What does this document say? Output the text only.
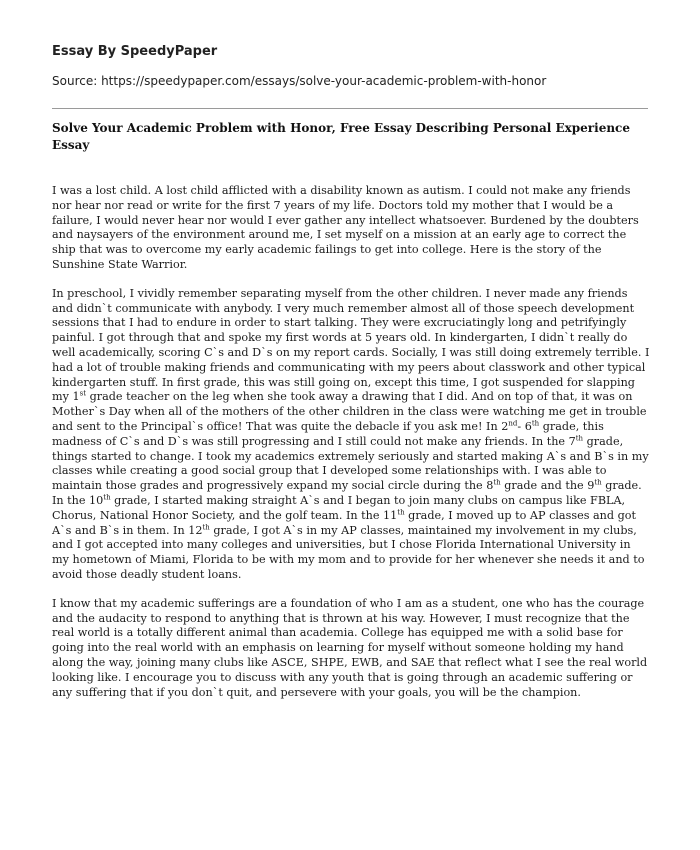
Essay By SpeedyPaper
Source: https://speedypaper.com/essays/solve-your-academic-problem-with-honor
Solve Your Academic Problem with Honor, Free Essay Describing Personal Experience Essay

I was a lost child. A lost child afflicted with a disability known as autism. I could not make any friends nor hear nor read or write for the first 7 years of my life. Doctors told my mother that I would be a failure, I would never hear nor would I ever gather any intellect whatsoever. Burdened by the doubters and naysayers of the environment around me, I set myself on a mission at an early age to correct the ship that was to overcome my early academic failings to get into college. Here is the story of the Sunshine State Warrior.

In preschool, I vividly remember separating myself from the other children. I never made any friends and didn`t communicate with anybody. I very much remember almost all of those speech development sessions that I had to endure in order to start talking. They were excruciatingly long and petrifyingly painful. I got through that and spoke my first words at 5 years old. In kindergarten, I didn`t really do well academically, scoring C`s and D`s on my report cards. Socially, I was still doing extremely terrible. I had a lot of trouble making friends and communicating with my peers about classwork and other typical kindergarten stuff. In first grade, this was still going on, except this time, I got suspended for slapping my 1st grade teacher on the leg when she took away a drawing that I did. And on top of that, it was on Mother`s Day when all of the mothers of the other children in the class were watching me get in trouble and sent to the Principal`s office! That was quite the debacle if you ask me! In 2nd- 6th grade, this madness of C`s and D`s was still progressing and I still could not make any friends. In the 7th grade, things started to change. I took my academics extremely seriously and started making A`s and B`s in my classes while creating a good social group that I developed some relationships with. I was able to maintain those grades and progressively expand my social circle during the 8th grade and the 9th grade. In the 10th grade, I started making straight A`s and I began to join many clubs on campus like FBLA, Chorus, National Honor Society, and the golf team. In the 11th grade, I moved up to AP classes and got A`s and B`s in them. In 12th grade, I got A`s in my AP classes, maintained my involvement in my clubs, and I got accepted into many colleges and universities, but I chose Florida International University in my hometown of Miami, Florida to be with my mom and to provide for her whenever she needs it and to avoid those deadly student loans.

I know that my academic sufferings are a foundation of who I am as a student, one who has the courage and the audacity to respond to anything that is thrown at his way. However, I must recognize that the real world is a totally different animal than academia. College has equipped me with a solid base for going into the real world with an emphasis on learning for myself without someone holding my hand along the way, joining many clubs like ASCE, SHPE, EWB, and SAE that reflect what I see the real world looking like. I encourage you to discuss with any youth that is going through an academic suffering or any suffering that if you don`t quit, and persevere with your goals, you will be the champion.
